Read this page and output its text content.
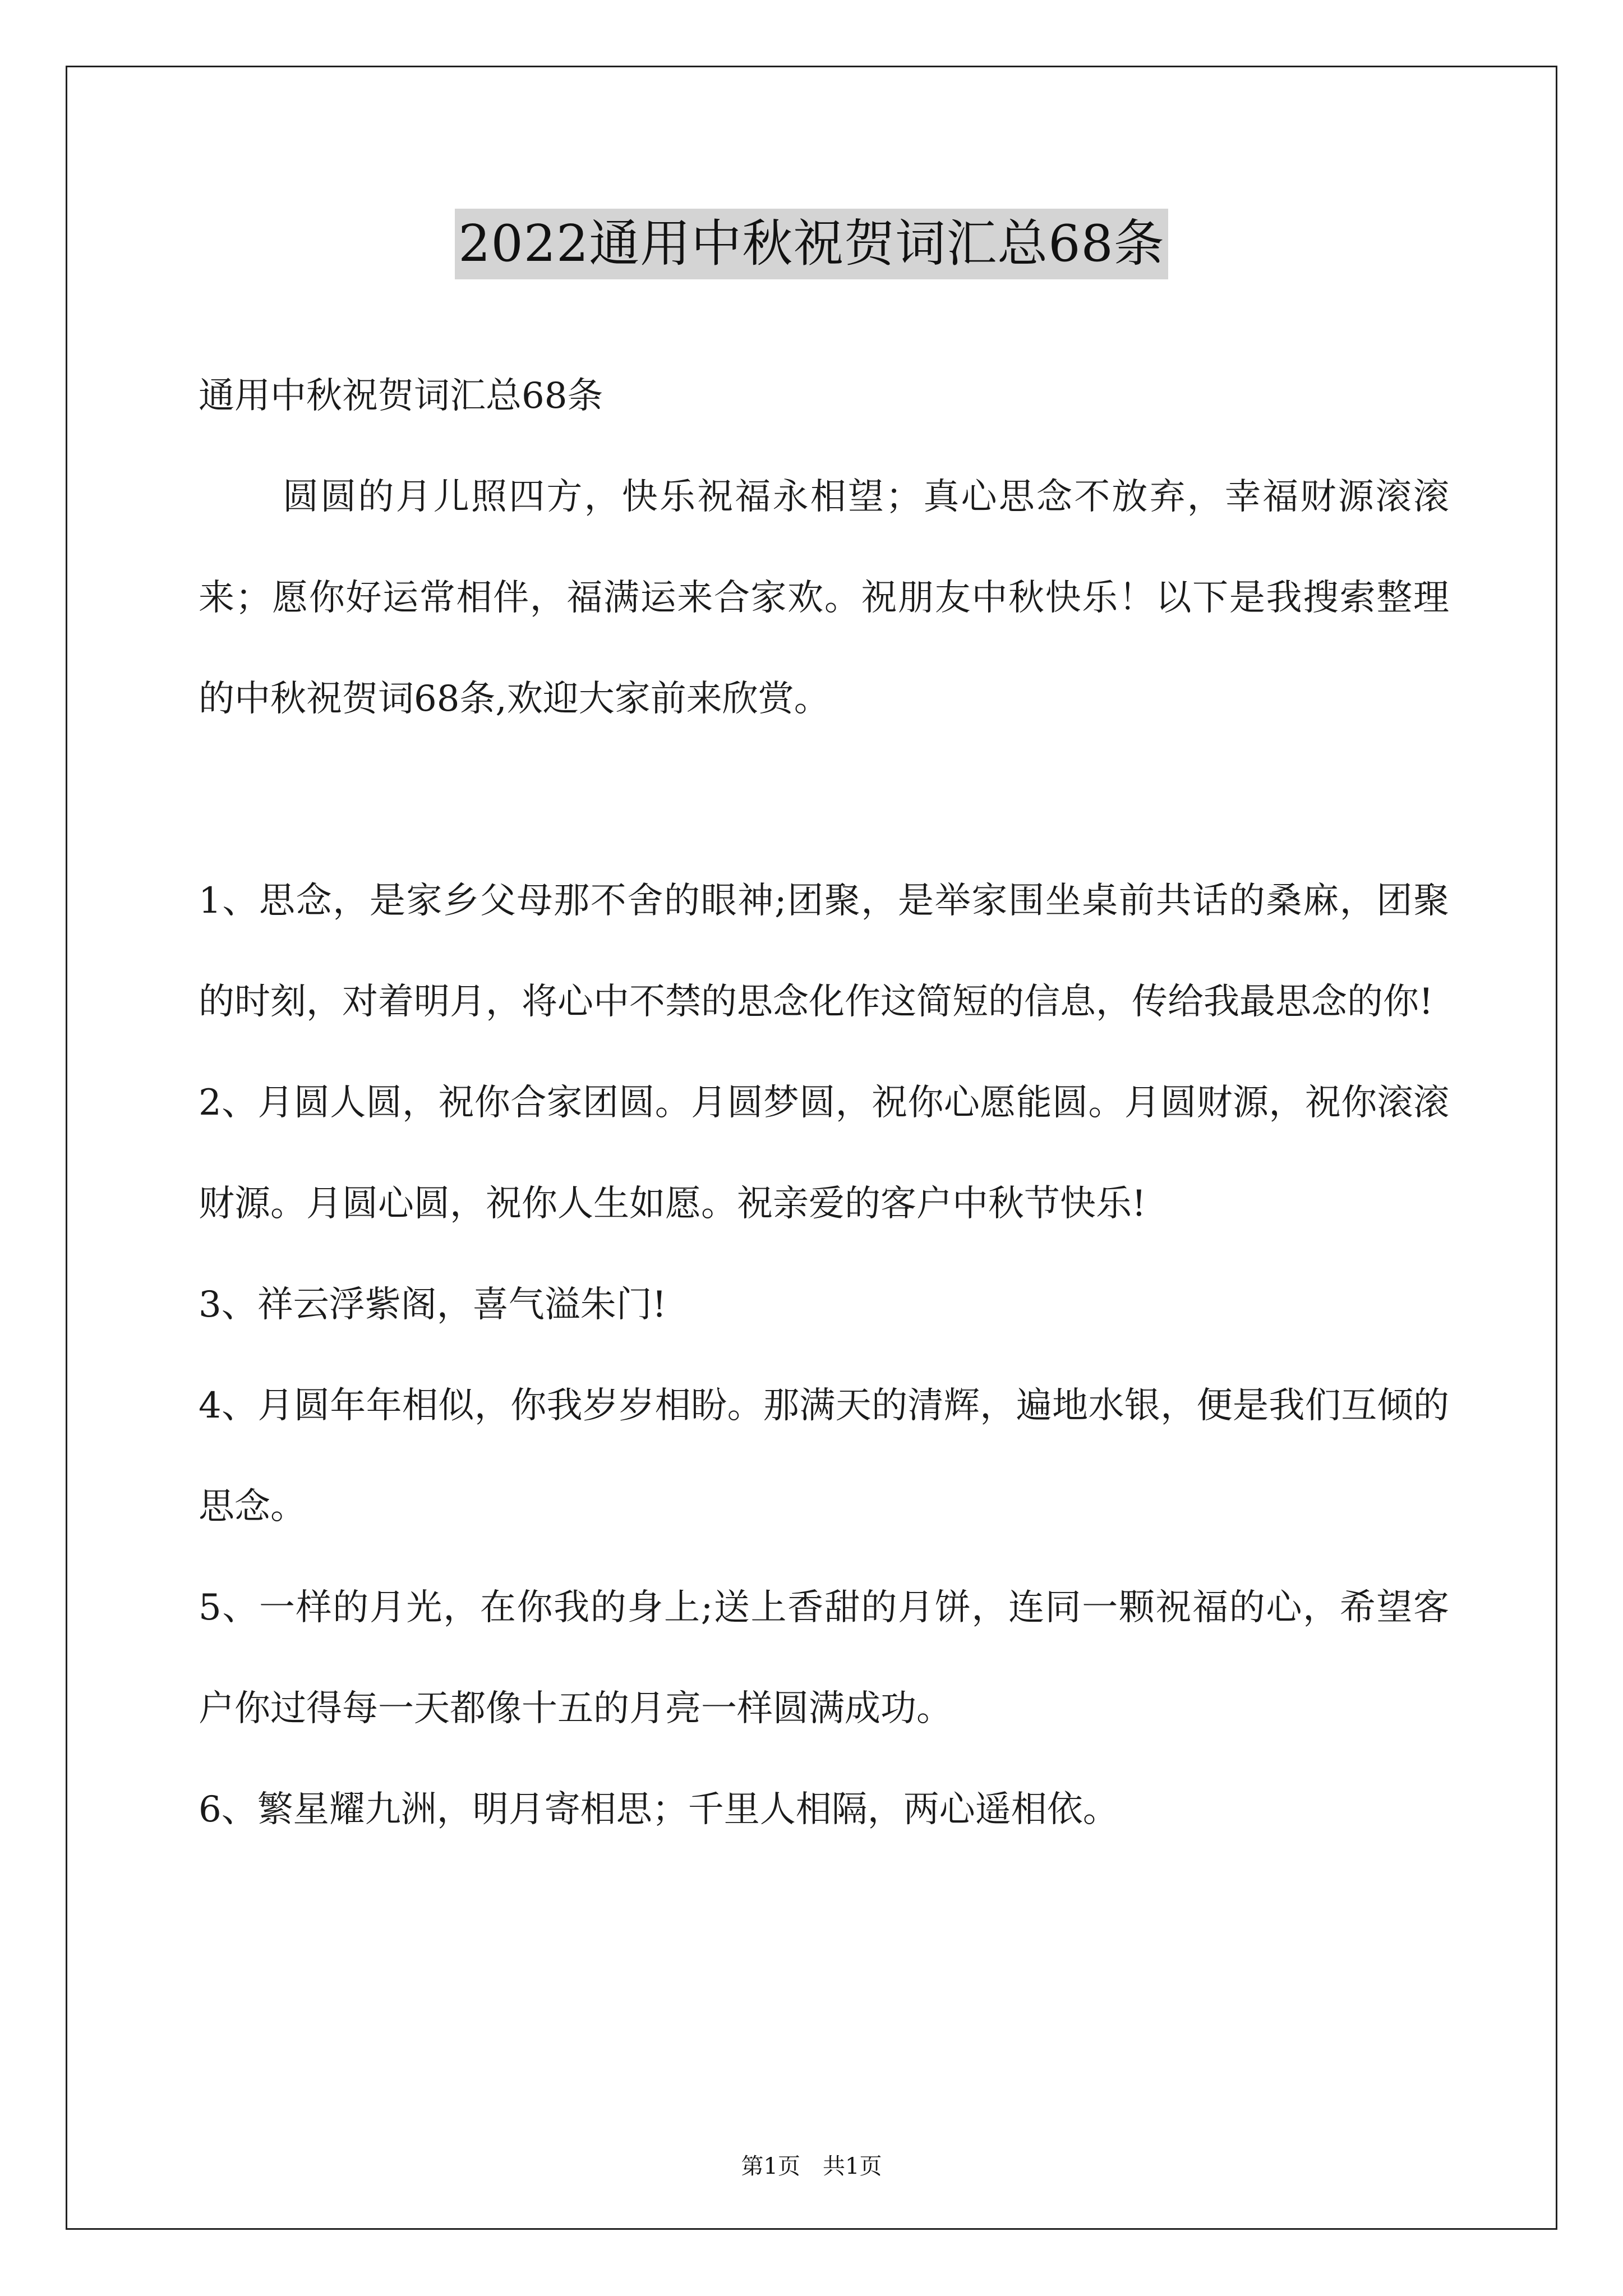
2022通用中秋祝贺词汇总68条

通用中秋祝贺词汇总68条

圆圆的月儿照四方，快乐祝福永相望；真心思念不放弃，幸福财源滚滚来；愿你好运常相伴，福满运来合家欢。祝朋友中秋快乐！以下是我搜索整理的中秋祝贺词68条,欢迎大家前来欣赏。

1、思念，是家乡父母那不舍的眼神;团聚，是举家围坐桌前共话的桑麻，团聚的时刻，对着明月，将心中不禁的思念化作这简短的信息，传给我最思念的你!

2、月圆人圆，祝你合家团圆。月圆梦圆，祝你心愿能圆。月圆财源，祝你滚滚财源。月圆心圆，祝你人生如愿。祝亲爱的客户中秋节快乐!

3、祥云浮紫阁，喜气溢朱门!

4、月圆年年相似，你我岁岁相盼。那满天的清辉，遍地水银，便是我们互倾的思念。

5、一样的月光，在你我的身上;送上香甜的月饼，连同一颗祝福的心，希望客户你过得每一天都像十五的月亮一样圆满成功。

6、繁星耀九洲，明月寄相思；千里人相隔，两心遥相依。

第1页　共1页
